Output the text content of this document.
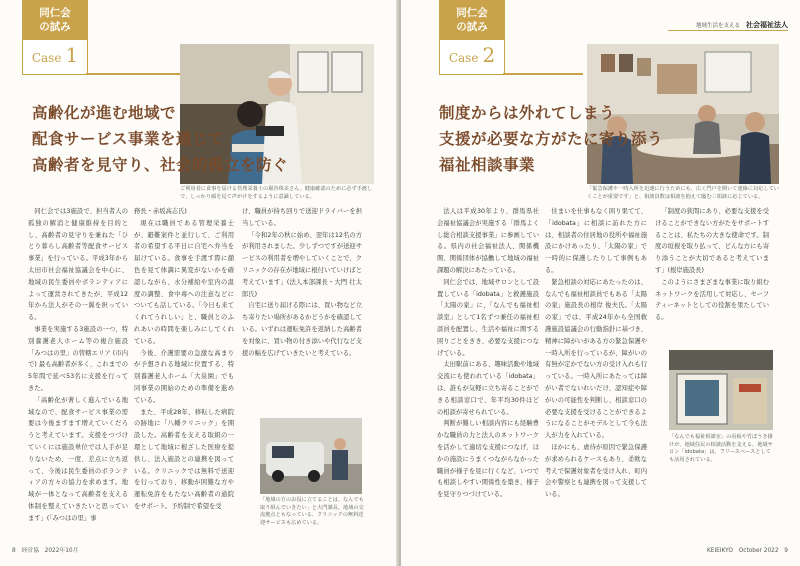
同仁会
の試み
Case 1
高齢化が進む地域で
配食サービス事業を通じて
高齢者を見守り、社会的孤立を防ぐ
ご利用者に食事を届ける管理栄養士の堀谷珠美さん。健康確認のために必ず手渡しで、しっかり顔を見て声がけをするように意識している。

同仁会では3施設で、担当者人の孤独の解消と健康維持を目的とし、高齢者の見守りを兼ねた「ひとり暮らし高齢者等配食サービス事業」を行っている。平成3年から太田市社会福祉協議会を中心に、地域の民生委員やボランティアによって運営されてきたが、平成12年から法人がその一翼を担っている。

事業を実施する3施設の一つ、特別養護老人ホーム等の複合施設「みつはの里」の管轄エリア (市内で) 最も高齢者が多く、これまでの5年間で延べ53名に支援を行ってきた。

「高齢化が著しく進んでいる地域なので、配食サービス事業の需要は今後ますます増えていくだろうと考えています。支援をつづけていくには施設単位では人手が足りないため、一度、差点に立ち返って、今後は民生委員のボランティアの方々の協力を求めます。地域が一体となって高齢者を支える体制を整えていきたいと思っています」(「みつはの里」事

務長・赤坂高志氏)

現在は職員である管理栄養士が、避難案件と並行して、ご利用者の希望する平日に自宅へ弁当を届けている。食事を手渡す際に顔色を見て体調に異変がないかを確認しながら、水分補給や室内の温度の調整、食中毒への注意などについても話している。「今日も来てくれてうれしい」と、職員とのふれあいの時間を楽しみにしてくれている。

今後、介護需要の急激な高まりが予想される地域に位置する、特別養護老人ホーム「大泉園」でも同事業の開始のための準備を進めている。

また、平成28年、移転した病院の跡地に「八幡クリニック」を開設した。高齢者を支える取組の一環として地域に根ざした医療を提供し、法人施設との連携を図っている。クリニックでは無料で送迎を行っており、移動が困難な方や運転免許をもたない高齢者の通院をサポート。予約制で希望を受

け、職員が持ち回りで送迎ドライバーを担当している。

「令和2年の秋に始め、翌年は12名の方が利用されました。少しずつですが送迎サービスの利用者を増やしていくことで、クリニックの存在が地域に根付いていけばと考えています」(法人本部課長・大門 壮太郎氏)

自宅に送り届ける際には、買い物など立ち寄りたい場所があるかどうかを確認している。いずれは運転免許を返納した高齢者を対象に、買い物の付き添いや代行など支援の幅を広げていきたいと考えている。

「地域の方のお役に立てることは、なんでも取り組んでいきたい」と大門課長。地域の交流拠点ともなっている、クリニックの無料送迎サービスも広めている。
8　経営協　2022年10月
地域生活を支える 社会福祉法人
同仁会
の試み
Case 2
制度からは外れてしまう
支援が必要な方がたに寄り添う
福祉相談事業
「緊急保護や一時入所を迅速に行うためにも、広く門戸を開いて連絡に対応していくことが重要です」と、相談員数は相談を抱えて臨む三相談に応じている。

法人は平成30年より、群馬県社会福祉協議会が実施する「群馬よくし総合相談支援事業」に参画している。県内の社会福祉法人、関係機関、関係団体が協働して地域の福祉課題の解決にあたっている。

同仁会では、地域サロンとして設置している「idobata」と救護施設「太陽の家」に、「なんでも福祉相談室」として1名ずつ兼任の福祉相談員を配置し、生活や福祉に関する困りごとをきき、必要な支援につなげている。

太田駅前にある、趣味活動や地域交流にも使われている「idobata」は、誰もが気軽に立ち寄ることができる相談窓口で、年平均30件ほどの相談が寄せられている。

判断が難しい相談内容にも経験豊かな職員の力と法人のネットワークを活かして適切な支援につなげ、ほかの施設にうまくつながらなかった職員が様子を見に行くなど、いつでも相談しやすい関係性を築き、様子を見守りつづけている。

住まいを仕事もなく困り果てて、「idobata」に相談に訪れた方には、相談者の住居地の役所や福祉施設にかけあったり、「太陽の家」で一時的に保護したりして事例もある。

緊急相談の対応にあたったのは、なんでも福祉相談員でもある「太陽の家」施設長の根岸 俊夫氏。「太陽の家」では、平成24年から全国救護施設協議会の行動指針に基づき、精神に障がいがある方の緊急保護や一時入所を行っているが、障がいの有無が定かでない方の受け入れも行っている。一時入所にあたっては障がい者でないれいだけ、認知症や障がいの可能性を判断し、相談窓口の必要な支援を受けることができるようになることがモデルとして今も法人が力を入れている。

ほかにも、虐待が原因で緊急保護が求められるケースもあり、柔軟な考えで保護対象者を受け入れ、町内会や警察とも連携を図って支援している。

「制度の狭間にあり、必要な支援を受けることができない方がたをサポートすることは、私たちの大きな使命です。制度の垣根を取り払って、どんな方にも寄り添うことが大切であると考えています」(根岸施設長)

このようにさまざまな事業に取り組むネットワークを活用して対応し、セーフティーネットとしての役割を果たしている。

「なんでも福祉相談室」の看板や竹ぼうき掛けが、地域住民の相談活動を支える。地域サロン「idobata」は、フリースペースとしても活用されている。
KEIEIKYO　October 2022　9
